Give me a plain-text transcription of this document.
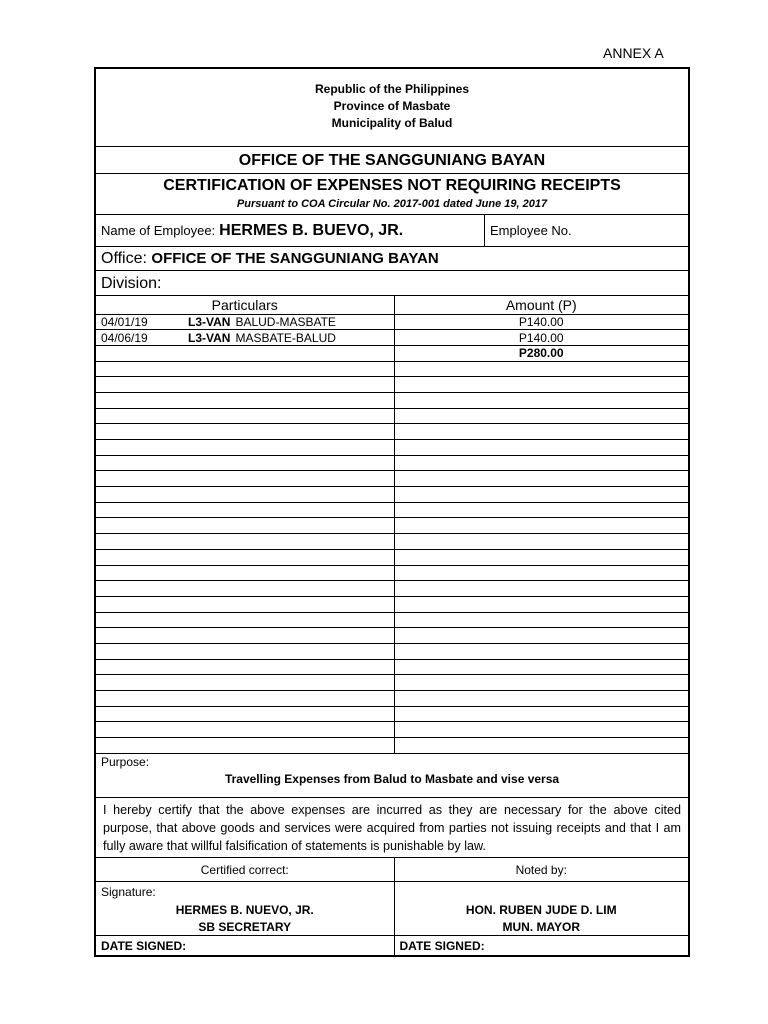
ANNEX A
Republic of the Philippines
Province of Masbate
Municipality of Balud
OFFICE OF THE SANGGUNIANG BAYAN
CERTIFICATION OF EXPENSES NOT REQUIRING RECEIPTS
Pursuant to COA Circular No. 2017-001 dated June 19, 2017
Name of Employee: HERMES B. BUEVO, JR.	Employee No.
Office: OFFICE OF THE SANGGUNIANG BAYAN
Division:
Particulars	Amount (P)
04/01/19 L3-VAN BALUD-MASBATE	P140.00
04/06/19 L3-VAN MASBATE-BALUD	P140.00
	P280.00

Purpose:
Travelling Expenses from Balud to Masbate and vise versa
I hereby certify that the above expenses are incurred as they are necessary for the above cited purpose, that above goods and services were acquired from parties not issuing receipts and that I am fully aware that willful falsification of statements is punishable by law.
Certified correct:	Noted by:
Signature:	
HERMES B. NUEVO, JR.	HON. RUBEN JUDE D. LIM
SB SECRETARY	MUN. MAYOR
DATE SIGNED:	DATE SIGNED:
